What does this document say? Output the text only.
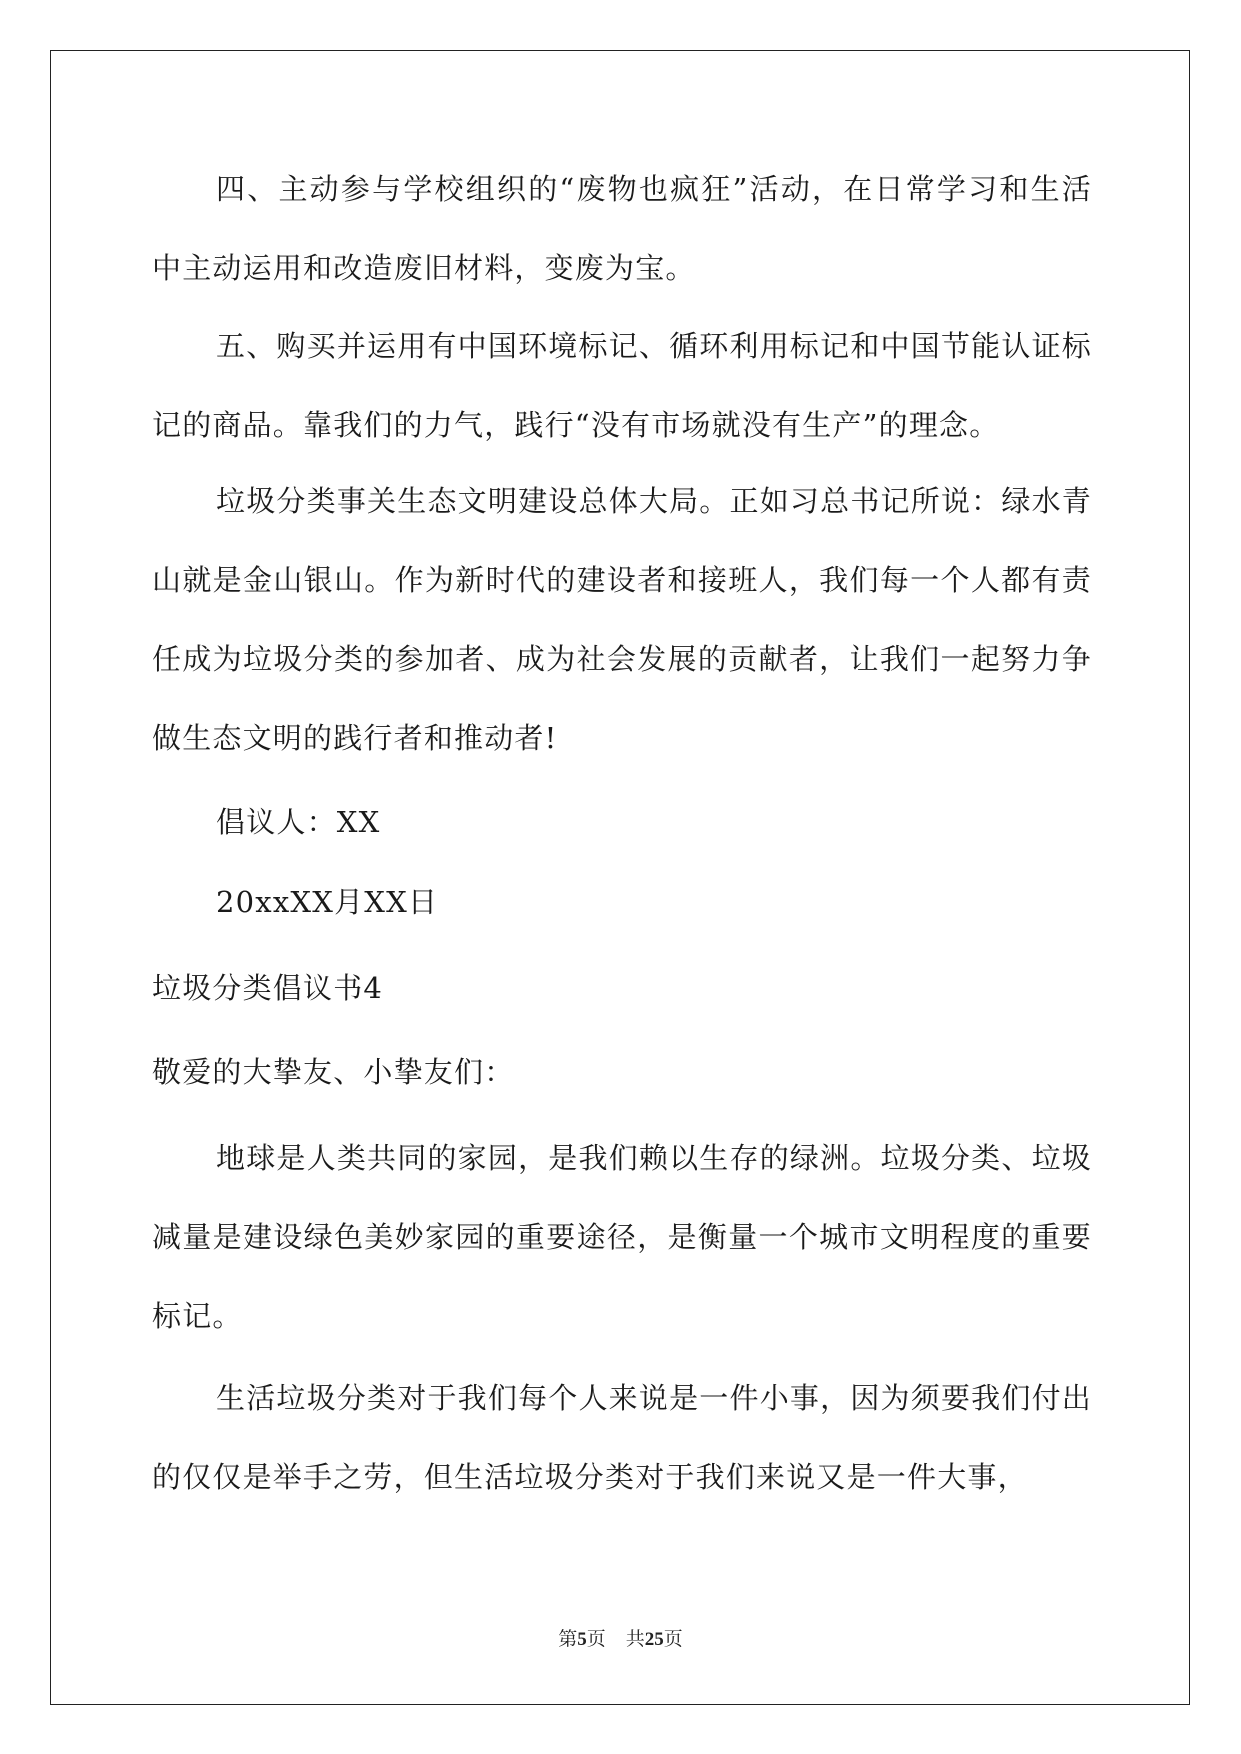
四、主动参与学校组织的“废物也疯狂”活动，在日常学习和生活中主动运用和改造废旧材料，变废为宝。

五、购买并运用有中国环境标记、循环利用标记和中国节能认证标记的商品。靠我们的力气，践行“没有市场就没有生产”的理念。

垃圾分类事关生态文明建设总体大局。正如习总书记所说：绿水青山就是金山银山。作为新时代的建设者和接班人，我们每一个人都有责任成为垃圾分类的参加者、成为社会发展的贡献者，让我们一起努力争做生态文明的践行者和推动者!

倡议人：XX

20xxXX月XX日

垃圾分类倡议书4

敬爱的大挚友、小挚友们：

地球是人类共同的家园，是我们赖以生存的绿洲。垃圾分类、垃圾减量是建设绿色美妙家园的重要途径，是衡量一个城市文明程度的重要标记。

生活垃圾分类对于我们每个人来说是一件小事，因为须要我们付出的仅仅是举手之劳，但生活垃圾分类对于我们来说又是一件大事，

第5页 共25页
